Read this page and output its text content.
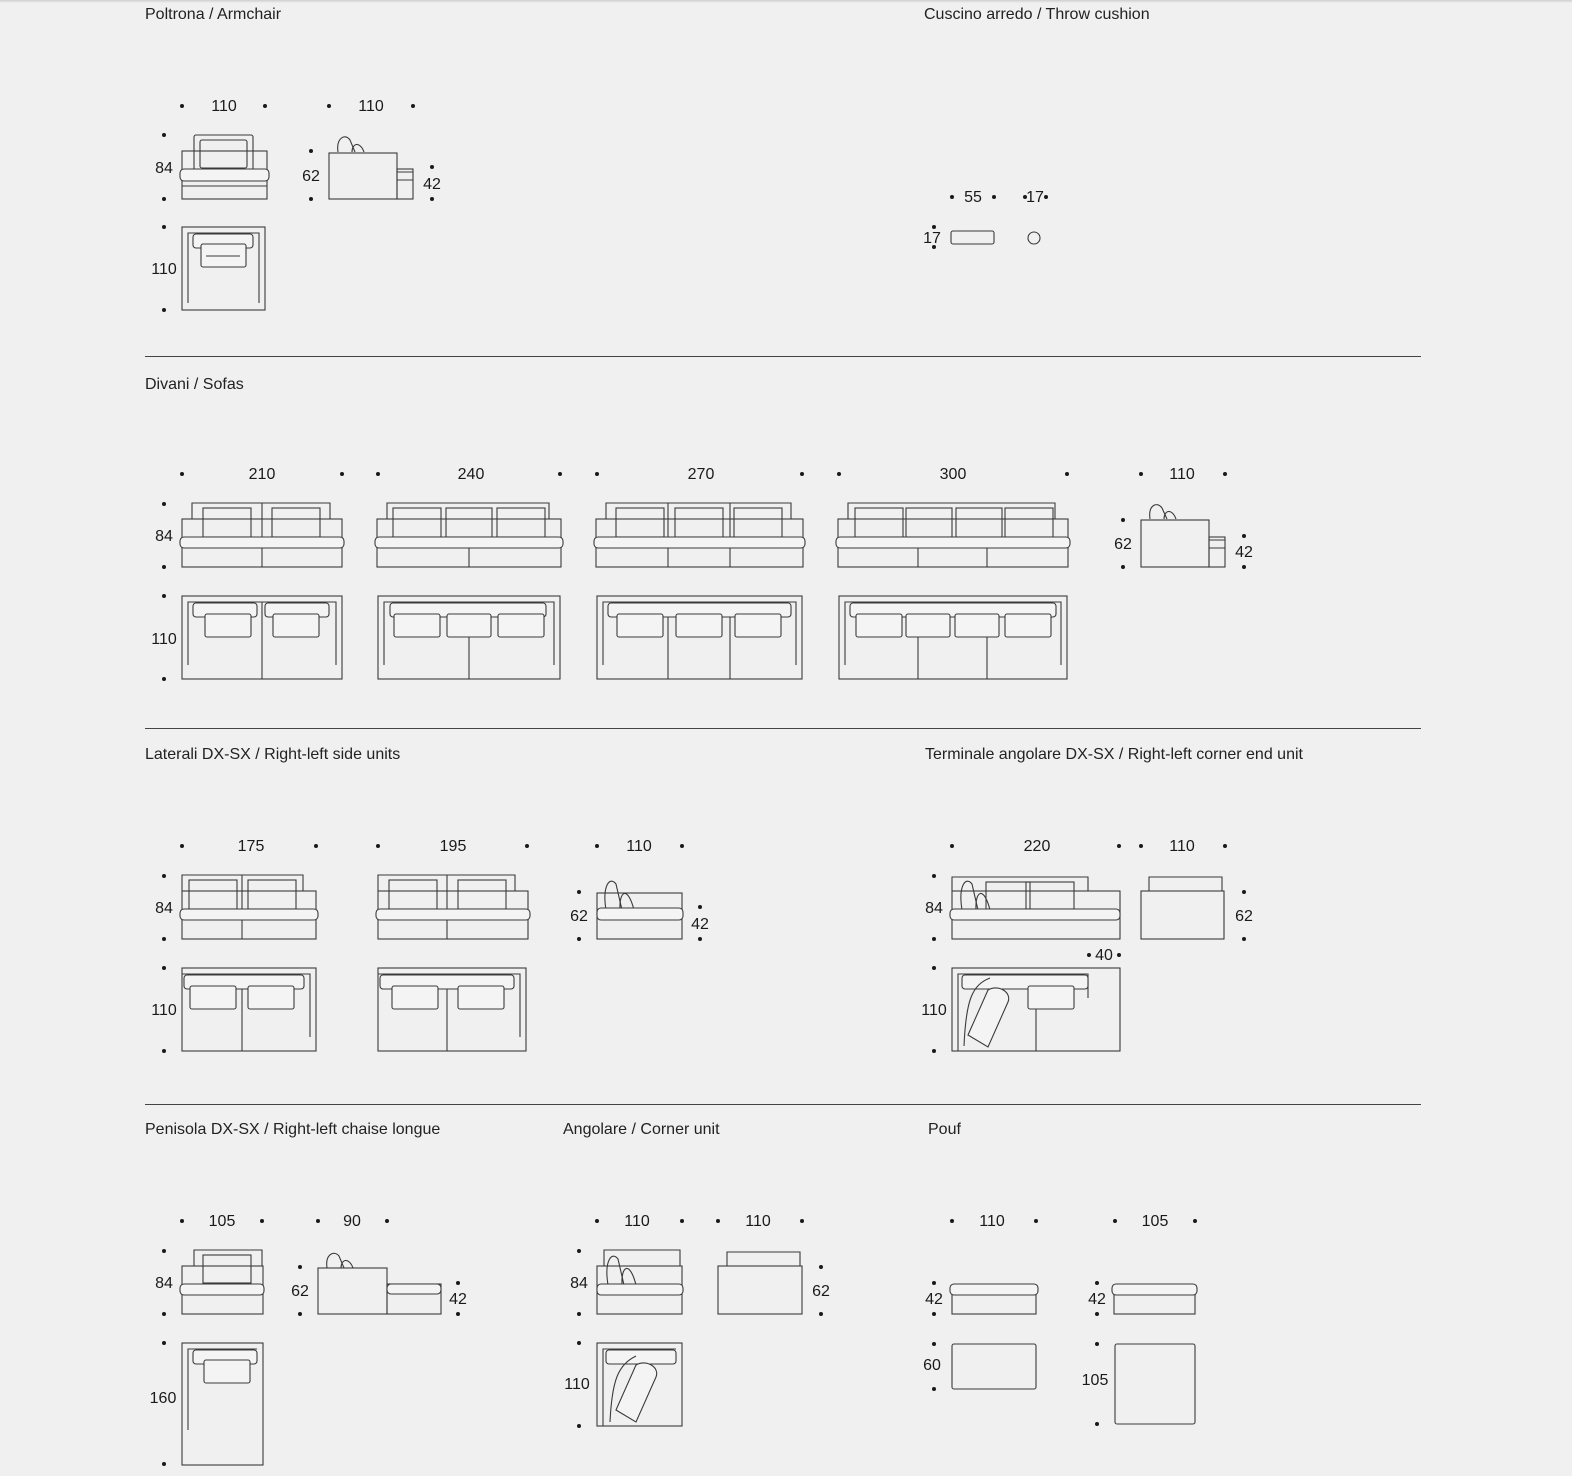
Poltrona / Armchair	Cuscino arredo / Throw cushion
Divani / Sofas
Laterali DX-SX / Right-left side units	Terminale angolare DX-SX / Right-left corner end unit
Penisola DX-SX / Right-left chaise longue	Angolare / Corner unit	Pouf
110	110
84	62	42
110
55	17
17
210	240	270	300	110
84	62	42
110
175	195	110
84	62	42
110
220	110
84	62
40
110
105	90
84	62	42
160
110	110
84	62
110
110	105
42	42
60
105
